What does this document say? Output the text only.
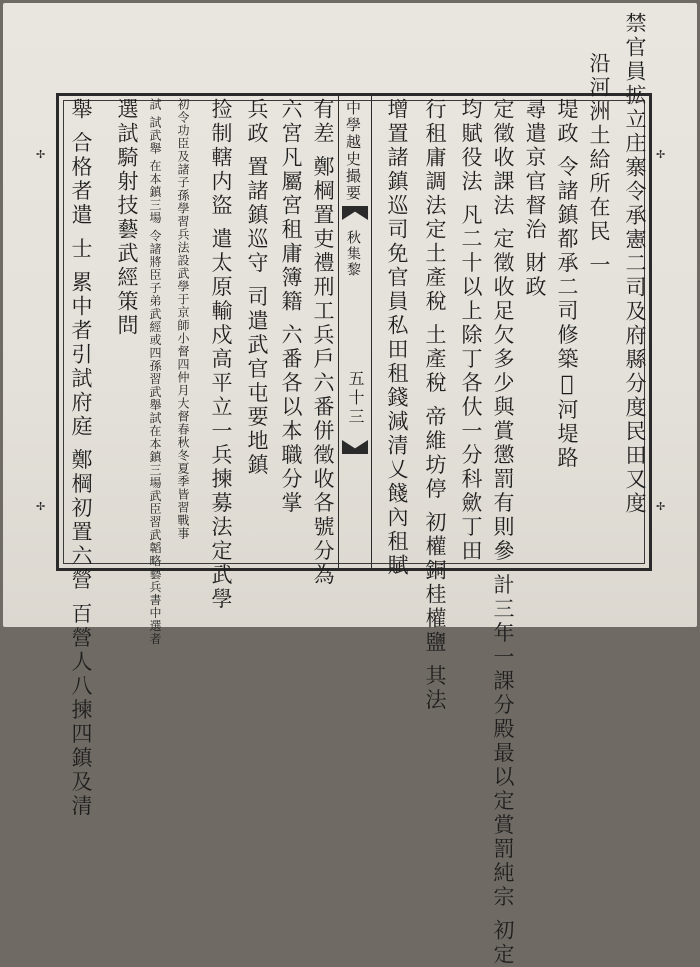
中學越史撮要
秋集黎
五十三	禁官員拡立庄寨令承憲二司及府縣分度民田又度
沿河洲土給所在民 一
堤政 令諸鎮都承二司修築𤇮河堤路
尋遣京官督治 財政
定徵收課法 定徵收足欠多少與賞懲罰有則參 計三年一課分殿最以定賞罰純宗 初定
均賦役法 凡二十以上除丁各㐲一分科歛丁田
行租庸調法定土產稅 土產稅 帝維坊停 初權銅桂權鹽 其法
增置諸鎮巡司免官員私田租錢減清乂餞內租賦
有差 鄭棡置吏禮刑工兵戶六番併徵收各號分為
六宮凡屬宮租庸簿籍 六番各以本職分掌
兵政 置諸鎮巡守 司遣武官屯要地鎮
捡制轄内盜 遣太原輸戍高平立一兵揀募法定武學
初令功臣及諸子孫學習兵法設武學于京師小督四仲月大督春秋冬夏季皆習戰事
試 試武舉 在本鎮三場 令諸將臣子弟武經或四孫習武舉試在本鎮三場武臣習武韜略藝兵書中選者
選試騎射技藝武經策問
舉 合格者遣 士 累中者引試府庭 鄭棡初置六營 百營人八揀四鎮及清
✢	✢
✢	✢
